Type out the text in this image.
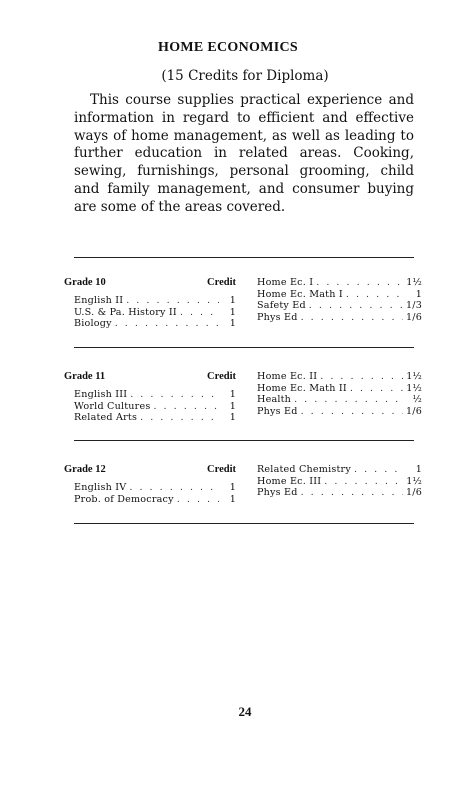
HOME ECONOMICS
(15 Credits for Diploma)
This course supplies practical experience and information in regard to efficient and effective ways of home management, as well as leading to further education in related areas. Cooking, sewing, furnishings, personal grooming, child and family management, and consumer buying are some of the areas covered.
Grade 10	Credit
English II . . .	1
U.S. & Pa. History II . . .	1
Biology . . .	1
Home Ec. I . . .	1½
Home Ec. Math I . . .	1
Safety Ed . . .	1/3
Phys Ed . . .	1/6
Grade 11	Credit
English III . . .	1
World Cultures . . .	1
Related Arts . . .	1
Home Ec. II . . .	1½
Home Ec. Math II . . .	1½
Health . . .	½
Phys Ed . . .	1/6
Grade 12	Credit
English IV . . .	1
Prob. of Democracy . . .	1
Related Chemistry . . .	1
Home Ec. III . . .	1½
Phys Ed . . .	1/6
24
